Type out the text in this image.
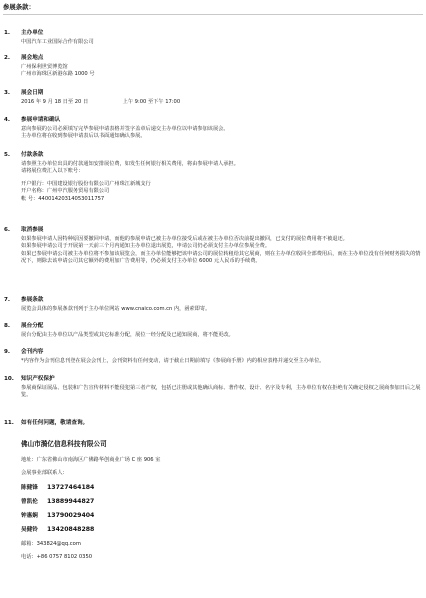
参展条款：
1.	主办单位
中国汽车工业国际合作有限公司
2.	展会地点
广州保利世贸博览馆
广州市海珠区新港东路 1000 号
3.	展会日期
2016 年 9 月 18 日至 20 日	上午 9:00 至下午 17:00
4.	参展申请和确认
意向参展的公司必须填写完毕参展申请表格并签字盖章后递交主办单位以申请参加该展会。
主办单位将在收到参展申请表后以书面通知确认参展。
5.	付款条款
请参照主办单位出具的付款通知安排展位费，如发生任何银行相关费用，将由参展申请人承担。
请将展位费汇入以下账号：
开户银行：中国建设银行股份有限公司广州珠江新城支行
开户名称：广州中汽服务贸易有限公司
帐 号：44001420314053011757
6.	取消参展
如果参展申请人因特种原因要撤回申请，而他的参展申请已被主办单位接受后或在被主办单位否决前提出撤回，已支付的展位费用将不被退还。
如果参展申请公司于开展第一天前三个月内通知主办单位退出展览，申请公司仍必须支付主办单位参展全费。
如果已参展申请公司被主办单位将不参加该展览会，而主办单位能够把该申请公司的展位转租给其它展商，则在主办单位收回全部费用后，而在主办单位没有任何财务损失的情况下，则除去该申请公司其它额外的费用加广告费用等，仍必须支付主办单位 6000 元人民币的手续费。
7.	参展条款
展览会具体的参展条款刊列于主办单位网站 www.cnaico.com.cn 内，函索即寄。
8.	展台分配
展台分配由主办单位以产品类型或其它标准分配，展位一经分配及已通知展商，将不能更改。
9.	会刊内容
*内容作为会刊信息刊登在展会会刊上，会刊资料有任何变动，请于截止日期前填写《参展商手册》内的相应表格并递交至主办单位。
10.	知识产权保护
参展商保证展品、包装和广告宣传材料不能侵犯第三者产权，包括已注册或其他确认商标、著作权、设计、名字及专利，主办单位有权在拒绝有关确定侵权之展商参加日后之展览。
11.	如有任何问题，敬请查询。
佛山市漪亿信息科技有限公司
地址：广东省佛山市南海区广佛路华创商业广场 C 座 906 室
会展事业部联系人：
陈健锋 13727464184
曾凯伦 13889944827
钟惠娴 13790029404
吴健铃 13420848288
邮箱：343824@qq.com
电话：+86 0757 8102 0350
